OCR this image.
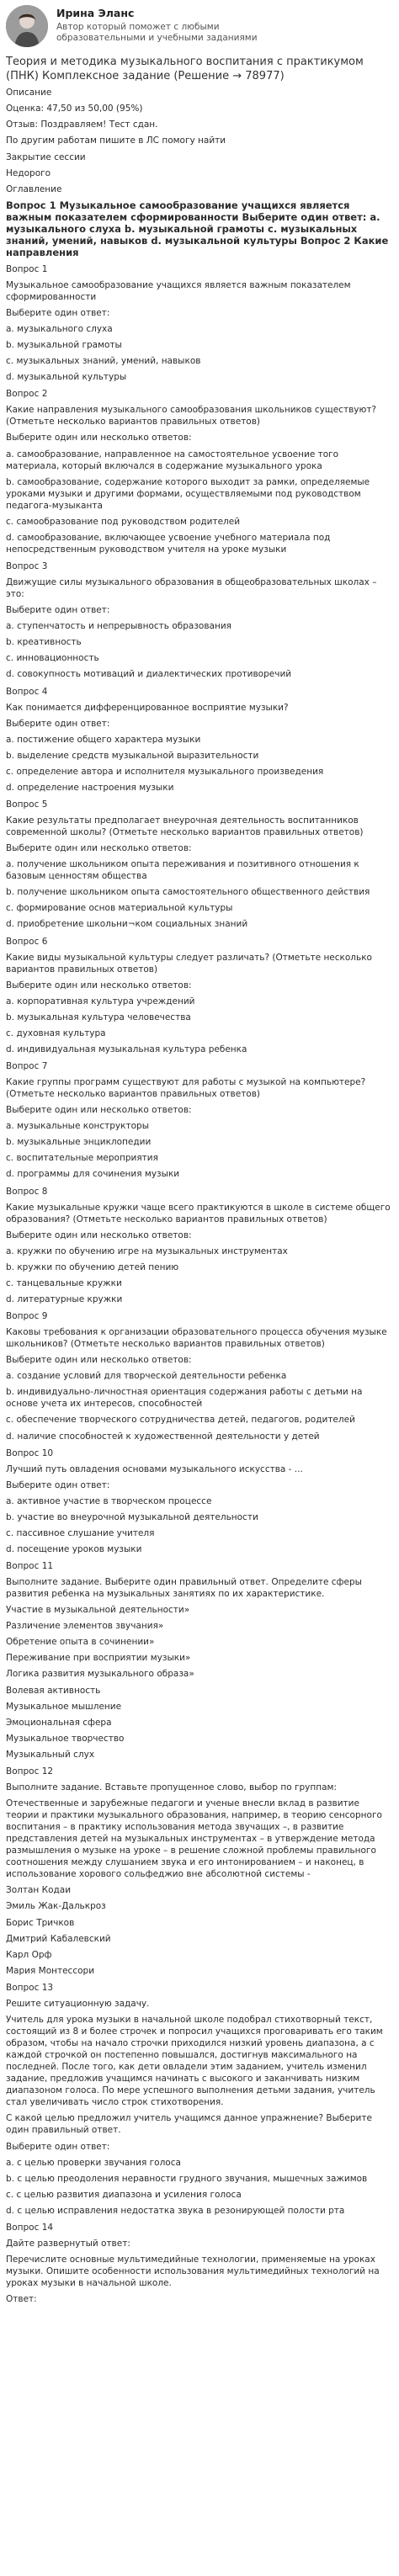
Ирина Эланс
Автор который поможет с любыми образовательными и учебными заданиями
Теория и методика музыкального воспитания с практикумом (ПНК) Комплексное задание (Решение → 78977)
Описание
Оценка: 47,50 из 50,00 (95%)
Отзыв: Поздравляем! Тест сдан.
По другим работам пишите в ЛС помогу найти
Закрытие сессии
Недорого
Оглавление
Вопрос 1 Музыкальное самообразование учащихся является важным показателем сформированности Выберите один ответ: a. музыкального слуха b. музыкальной грамоты c. музыкальных знаний, умений, навыков d. музыкальной культуры Вопрос 2 Какие направления
Вопрос 1
Музыкальное самообразование учащихся является важным показателем сформированности
Выберите один ответ:
a. музыкального слуха
b. музыкальной грамоты
c. музыкальных знаний, умений, навыков
d. музыкальной культуры
Вопрос 2
Какие направления музыкального самообразования школьников существуют? (Отметьте несколько вариантов правильных ответов)
Выберите один или несколько ответов:
a. самообразование, направленное на самостоятельное усвоение того материала, который включался в содержание музыкального урока
b. самообразование, содержание которого выходит за рамки, определяемые уроками музыки и другими формами, осуществляемыми под руководством педагога-музыканта
c. самообразование под руководством родителей
d. самообразование, включающее усвоение учебного материала под непосредственным руководством учителя на уроке музыки
Вопрос 3
Движущие силы музыкального образования в общеобразовательных школах – это:
Выберите один ответ:
a. ступенчатость и непрерывность образования
b. креативность
c. инновационность
d. совокупность мотиваций и диалектических противоречий
Вопрос 4
Как понимается дифференцированное восприятие музыки?
Выберите один ответ:
a. постижение общего характера музыки
b. выделение средств музыкальной выразительности
c. определение автора и исполнителя музыкального произведения
d. определение настроения музыки
Вопрос 5
Какие результаты предполагает внеурочная деятельность воспитанников современной школы? (Отметьте несколько вариантов правильных ответов)
Выберите один или несколько ответов:
a. получение школьником опыта переживания и позитивного отношения к базовым ценностям общества
b. получение школьником опыта самостоятельного общественного действия
c. формирование основ материальной культуры
d. приобретение школьни¬ком социальных знаний
Вопрос 6
Какие виды музыкальной культуры следует различать? (Отметьте несколько вариантов правильных ответов)
Выберите один или несколько ответов:
a. корпоративная культура учреждений
b. музыкальная культура человечества
c. духовная культура
d. индивидуальная музыкальная культура ребенка
Вопрос 7
Какие группы программ существуют для работы с музыкой на компьютере? (Отметьте несколько вариантов правильных ответов)
Выберите один или несколько ответов:
a. музыкальные конструкторы
b. музыкальные энциклопедии
c. воспитательные мероприятия
d. программы для сочинения музыки
Вопрос 8
Какие музыкальные кружки чаще всего практикуются в школе в системе общего образования? (Отметьте несколько вариантов правильных ответов)
Выберите один или несколько ответов:
a. кружки по обучению игре на музыкальных инструментах
b. кружки по обучению детей пению
c. танцевальные кружки
d. литературные кружки
Вопрос 9
Каковы требования к организации образовательного процесса обучения музыке школьников? (Отметьте несколько вариантов правильных ответов)
Выберите один или несколько ответов:
a. создание условий для творческой деятельности ребенка
b. индивидуально-личностная ориентация содержания работы с детьми на основе учета их интересов, способностей
c. обеспечение творческого сотрудничества детей, педагогов, родителей
d. наличие способностей к художественной деятельности у детей
Вопрос 10
Лучший путь овладения основами музыкального искусства - ...
Выберите один ответ:
a. активное участие в творческом процессе
b. участие во внеурочной музыкальной деятельности
c. пассивное слушание учителя
d. посещение уроков музыки
Вопрос 11
Выполните задание. Выберите один правильный ответ. Определите сферы развития ребенка на музыкальных занятиях по их характеристике.
Участие в музыкальной деятельности»
Различение элементов звучания»
Обретение опыта в сочинении»
Переживание при восприятии музыки»
Логика развития музыкального образа»
Волевая активность
Музыкальное мышление
Эмоциональная сфера
Музыкальное творчество
Музыкальный слух
Вопрос 12
Выполните задание. Вставьте пропущенное слово, выбор по группам:
Отечественные и зарубежные педагоги и ученые внесли вклад в развитие теории и практики музыкального образования, например, в теорию сенсорного воспитания – в практику использования метода звучащих –, в развитие представления детей на музыкальных инструментах – в утверждение метода размышления о музыке на уроке – в решение сложной проблемы правильного соотношения между слушанием звука и его интонированием – и наконец, в использование хорового сольфеджио вне абсолютной системы -
Золтан Кодаи
Эмиль Жак-Далькроз
Борис Тричков
Дмитрий Кабалевский
Карл Орф
Мария Монтессори
Вопрос 13
Решите ситуационную задачу.
Учитель для урока музыки в начальной школе подобрал стихотворный текст, состоящий из 8 и более строчек и попросил учащихся проговаривать его таким образом, чтобы на начало строчки приходился низкий уровень диапазона, а с каждой строчкой он постепенно повышался, достигнув максимального на последней. После того, как дети овладели этим заданием, учитель изменил задание, предложив учащимся начинать с высокого и заканчивать низким диапазоном голоса. По мере успешного выполнения детьми задания, учитель стал увеличивать число строк стихотворения.
С какой целью предложил учитель учащимся данное упражнение? Выберите один правильный ответ.
Выберите один ответ:
a. с целью проверки звучания голоса
b. с целью преодоления неравности грудного звучания, мышечных зажимов
c. с целью развития диапазона и усиления голоса
d. с целью исправления недостатка звука в резонирующей полости рта
Вопрос 14
Дайте развернутый ответ:
Перечислите основные мультимедийные технологии, применяемые на уроках музыки. Опишите особенности использования мультимедийных технологий на уроках музыки в начальной школе.
Ответ:
